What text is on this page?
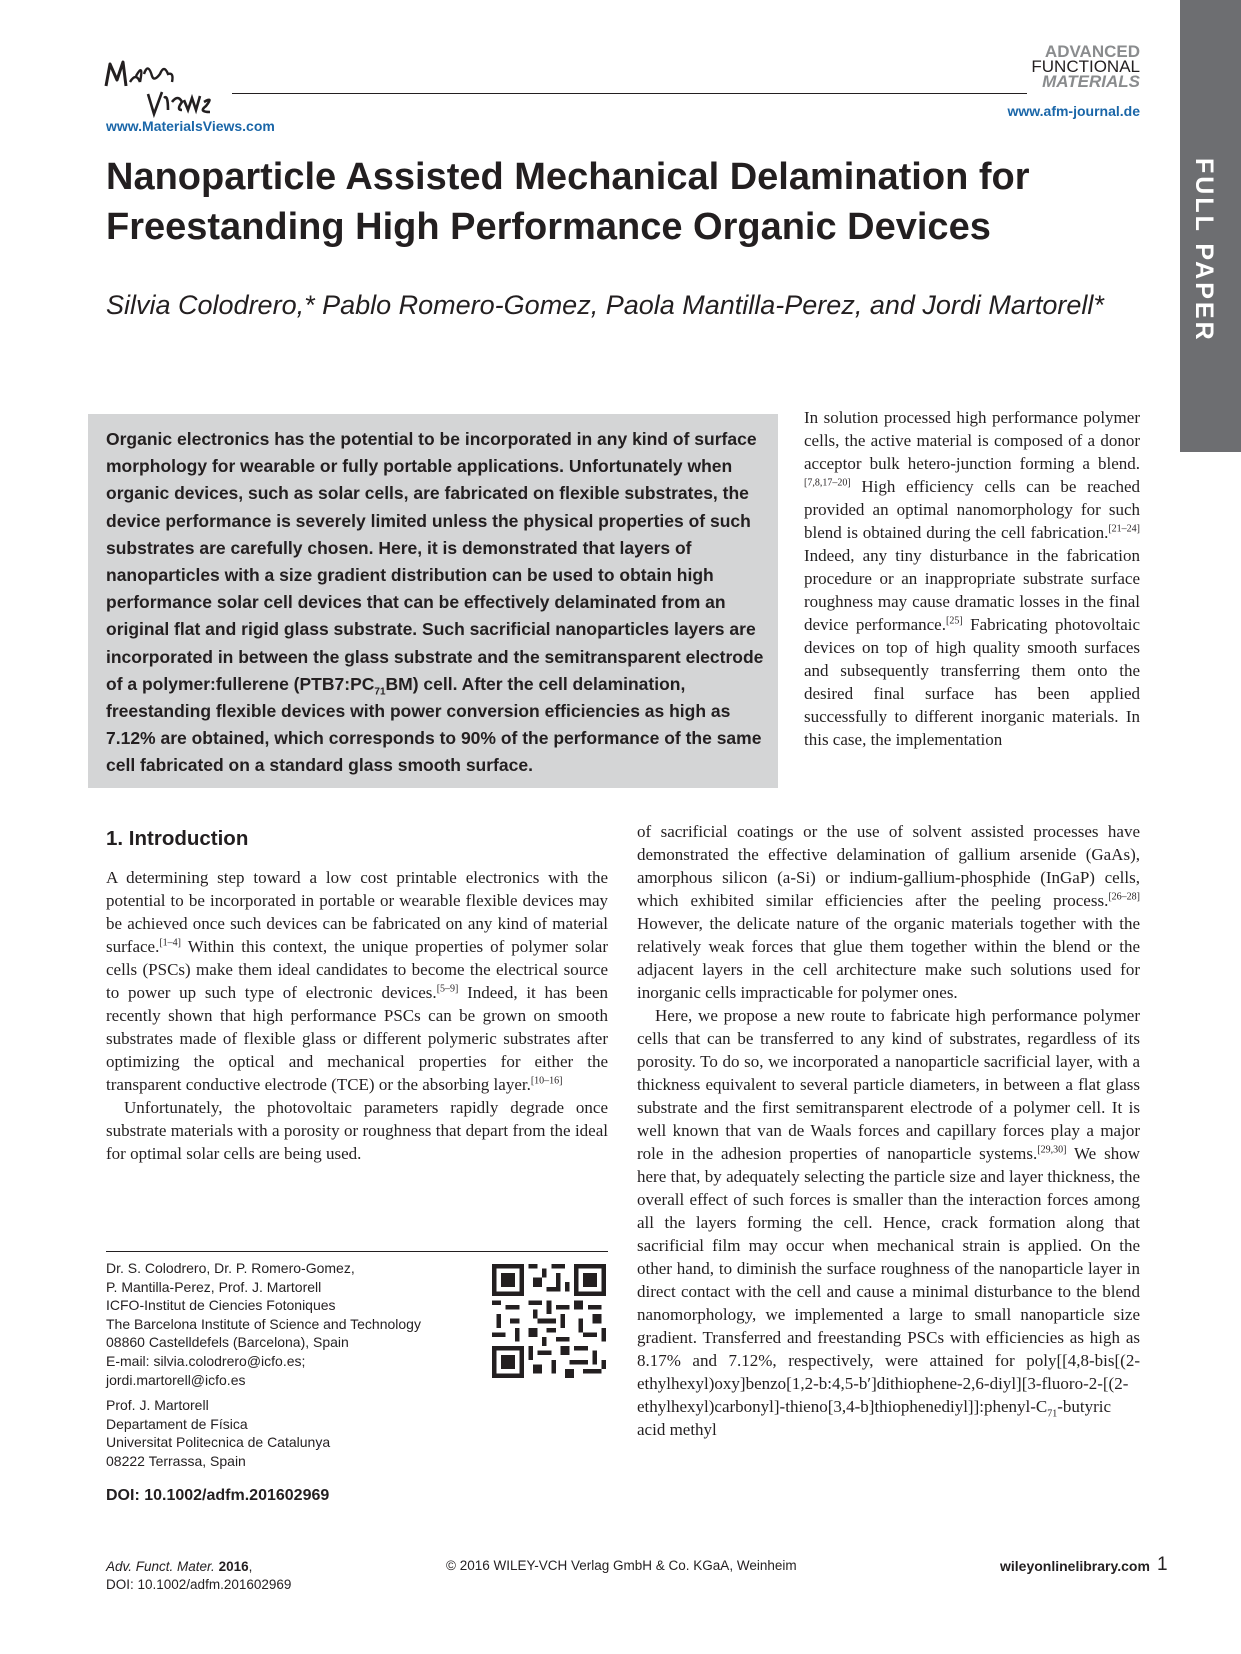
www.MaterialsViews.com
ADVANCED
FUNCTIONAL
MATERIALS
www.afm-journal.de
FULL PAPER
Nanoparticle Assisted Mechanical Delamination for Freestanding High Performance Organic Devices
Silvia Colodrero,* Pablo Romero-Gomez, Paola Mantilla-Perez, and Jordi Martorell*
Organic electronics has the potential to be incorporated in any kind of surface morphology for wearable or fully portable applications. Unfortunately when organic devices, such as solar cells, are fabricated on flexible substrates, the device performance is severely limited unless the physical properties of such substrates are carefully chosen. Here, it is demonstrated that layers of nanoparticles with a size gradient distribution can be used to obtain high performance solar cell devices that can be effectively delaminated from an original flat and rigid glass substrate. Such sacrificial nanoparticles layers are incorporated in between the glass substrate and the semitransparent electrode of a polymer:fullerene $(PTB7:PC_{71}BM)$ cell. After the cell delamination, freestanding flexible devices with power conversion efficiencies as high as 7.12% are obtained, which corresponds to 90% of the performance of the same cell fabricated on a standard glass smooth surface.
In solution processed high performance polymer cells, the active material is composed of a donor acceptor bulk hetero-junction forming a blend.[7,8,17–20] High efficiency cells can be reached provided an optimal nanomorphology for such blend is obtained during the cell fabrication.[21–24] Indeed, any tiny disturbance in the fabrication procedure or an inappropriate substrate surface roughness may cause dramatic losses in the final device performance.[25] Fabricating photovoltaic devices on top of high quality smooth surfaces and subsequently transferring them onto the desired final surface has been applied successfully to different inorganic materials. In this case, the implementation

of sacrificial coatings or the use of solvent assisted processes have demonstrated the effective delamination of gallium arsenide (GaAs), amorphous silicon (a-Si) or indium-gallium-phosphide (InGaP) cells, which exhibited similar efficiencies after the peeling process.[26–28] However, the delicate nature of the organic materials together with the relatively weak forces that glue them together within the blend or the adjacent layers in the cell architecture make such solutions used for inorganic cells impracticable for polymer ones.

Here, we propose a new route to fabricate high performance polymer cells that can be transferred to any kind of substrates, regardless of its porosity. To do so, we incorporated a nanoparticle sacrificial layer, with a thickness equivalent to several particle diameters, in between a flat glass substrate and the first semitransparent electrode of a polymer cell. It is well known that van de Waals forces and capillary forces play a major role in the adhesion properties of nanoparticle systems.[29,30] We show here that, by adequately selecting the particle size and layer thickness, the overall effect of such forces is smaller than the interaction forces among all the layers forming the cell. Hence, crack formation along that sacrificial film may occur when mechanical strain is applied. On the other hand, to diminish the surface roughness of the nanoparticle layer in direct contact with the cell and cause a minimal disturbance to the blend nanomorphology, we implemented a large to small nanoparticle size gradient. Transferred and freestanding PSCs with efficiencies as high as 8.17% and 7.12%, respectively, were attained for poly[[4,8-bis[(2-ethylhexyl)oxy]benzo[1,2-b:4,5-b′]dithiophene-2,6-diyl][3-fluoro-2-[(2-ethylhexyl)carbonyl]-thieno[3,4-$b]thiophenediyl]]:phenyl-C_{71}$-butyric acid methyl

1. Introduction

A determining step toward a low cost printable electronics with the potential to be incorporated in portable or wearable flexible devices may be achieved once such devices can be fabricated on any kind of material surface.[1–4] Within this context, the unique properties of polymer solar cells (PSCs) make them ideal candidates to become the electrical source to power up such type of electronic devices.[5–9] Indeed, it has been recently shown that high performance PSCs can be grown on smooth substrates made of flexible glass or different polymeric substrates after optimizing the optical and mechanical properties for either the transparent conductive electrode (TCE) or the absorbing layer.[10–16]

Unfortunately, the photovoltaic parameters rapidly degrade once substrate materials with a porosity or roughness that depart from the ideal for optimal solar cells are being used.

Dr. S. Colodrero, Dr. P. Romero-Gomez,
P. Mantilla-Perez, Prof. J. Martorell
ICFO-Institut de Ciencies Fotoniques
The Barcelona Institute of Science and Technology
08860 Castelldefels (Barcelona), Spain
E-mail: silvia.colodrero@icfo.es;
jordi.martorell@icfo.es
Prof. J. Martorell
Departament de Física
Universitat Politecnica de Catalunya
08222 Terrassa, Spain
DOI: 10.1002/adfm.201602969
Adv. Funct. Mater. 2016,
DOI: 10.1002/adfm.201602969
© 2016 WILEY-VCH Verlag GmbH & Co. KGaA, Weinheim	wileyonlinelibrary.com 1
